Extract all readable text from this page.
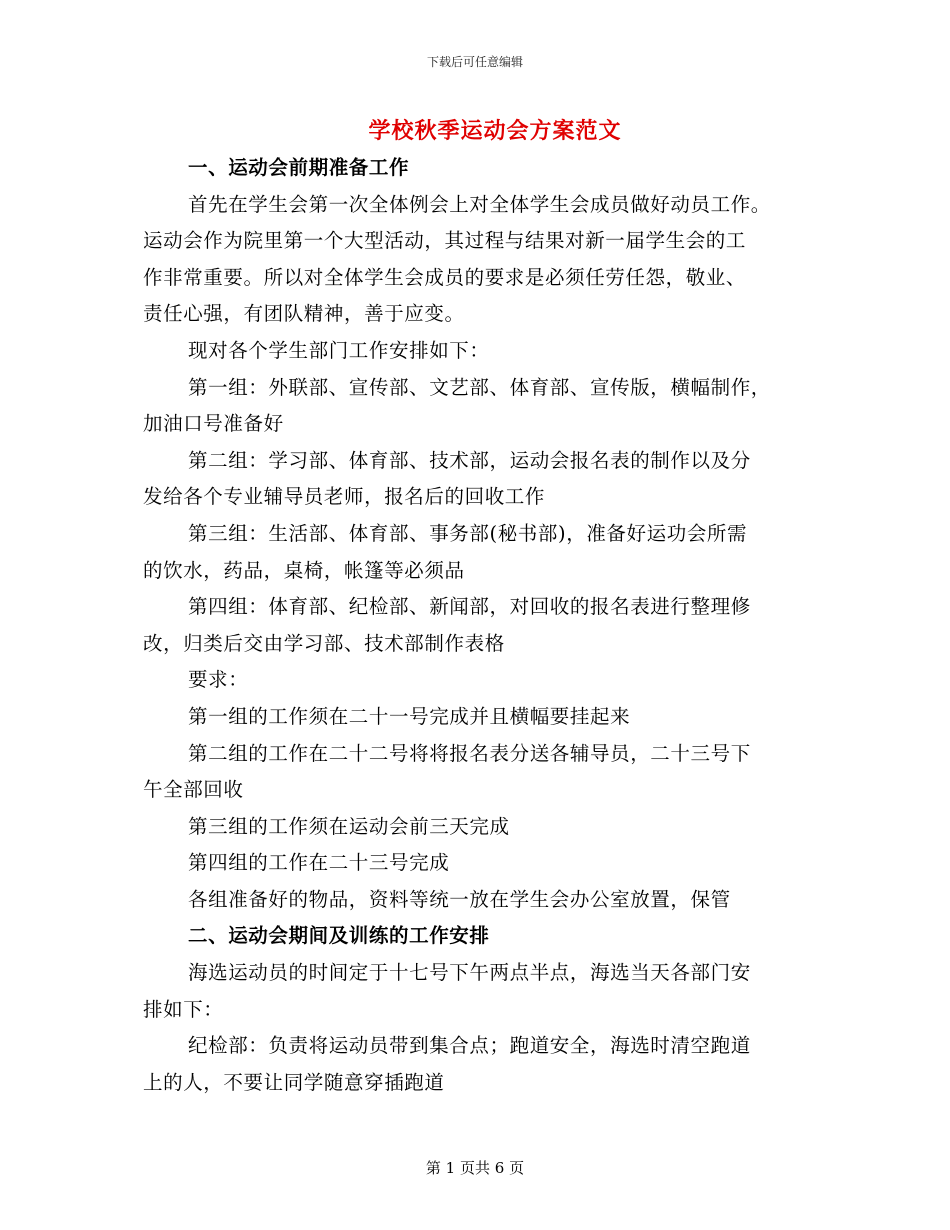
下载后可任意编辑
学校秋季运动会方案范文
一、运动会前期准备工作
首先在学生会第一次全体例会上对全体学生会成员做好动员工作。
运动会作为院里第一个大型活动，其过程与结果对新一届学生会的工
作非常重要。所以对全体学生会成员的要求是必须任劳任怨，敬业、
责任心强，有团队精神，善于应变。
现对各个学生部门工作安排如下：
第一组：外联部、宣传部、文艺部、体育部、宣传版，横幅制作，
加油口号准备好
第二组：学习部、体育部、技术部，运动会报名表的制作以及分
发给各个专业辅导员老师，报名后的回收工作
第三组：生活部、体育部、事务部(秘书部)，准备好运功会所需
的饮水，药品，桌椅，帐篷等必须品
第四组：体育部、纪检部、新闻部，对回收的报名表进行整理修
改，归类后交由学习部、技术部制作表格
要求：
第一组的工作须在二十一号完成并且横幅要挂起来
第二组的工作在二十二号将将报名表分送各辅导员，二十三号下
午全部回收
第三组的工作须在运动会前三天完成
第四组的工作在二十三号完成
各组准备好的物品，资料等统一放在学生会办公室放置，保管
二、运动会期间及训练的工作安排
海选运动员的时间定于十七号下午两点半点，海选当天各部门安
排如下：
纪检部：负责将运动员带到集合点；跑道安全，海选时清空跑道
上的人，不要让同学随意穿插跑道
第 1 页共 6 页
